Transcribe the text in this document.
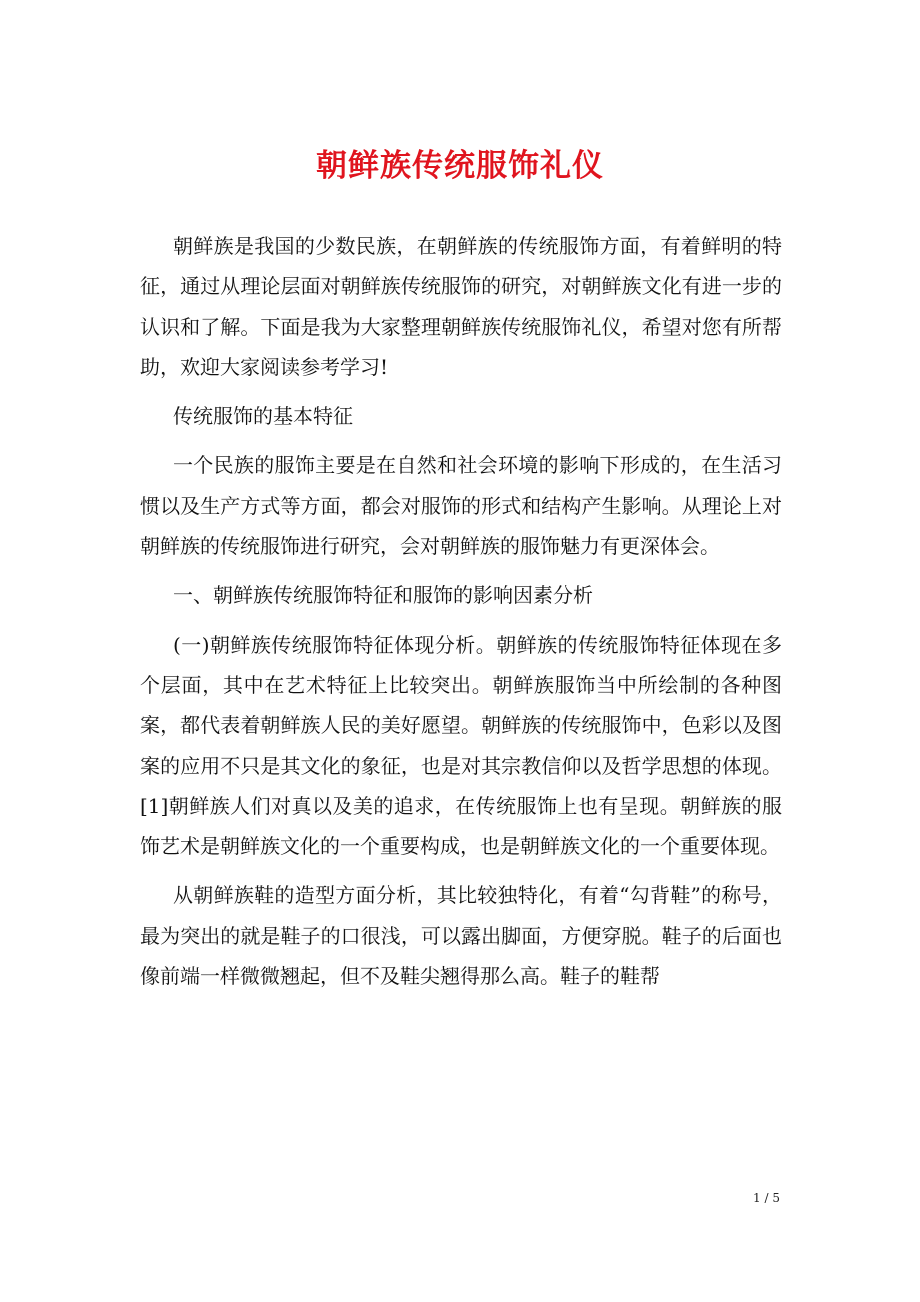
朝鲜族传统服饰礼仪

朝鲜族是我国的少数民族，在朝鲜族的传统服饰方面，有着鲜明的特征，通过从理论层面对朝鲜族传统服饰的研究，对朝鲜族文化有进一步的认识和了解。下面是我为大家整理朝鲜族传统服饰礼仪，希望对您有所帮助，欢迎大家阅读参考学习!

传统服饰的基本特征

一个民族的服饰主要是在自然和社会环境的影响下形成的，在生活习惯以及生产方式等方面，都会对服饰的形式和结构产生影响。从理论上对朝鲜族的传统服饰进行研究，会对朝鲜族的服饰魅力有更深体会。

一、朝鲜族传统服饰特征和服饰的影响因素分析

(一)朝鲜族传统服饰特征体现分析。朝鲜族的传统服饰特征体现在多个层面，其中在艺术特征上比较突出。朝鲜族服饰当中所绘制的各种图案，都代表着朝鲜族人民的美好愿望。朝鲜族的传统服饰中，色彩以及图案的应用不只是其文化的象征，也是对其宗教信仰以及哲学思想的体现。[1]朝鲜族人们对真以及美的追求，在传统服饰上也有呈现。朝鲜族的服饰艺术是朝鲜族文化的一个重要构成，也是朝鲜族文化的一个重要体现。

从朝鲜族鞋的造型方面分析，其比较独特化，有着“勾背鞋”的称号，最为突出的就是鞋子的口很浅，可以露出脚面，方便穿脱。鞋子的后面也像前端一样微微翘起，但不及鞋尖翘得那么高。鞋子的鞋帮

1 / 5
